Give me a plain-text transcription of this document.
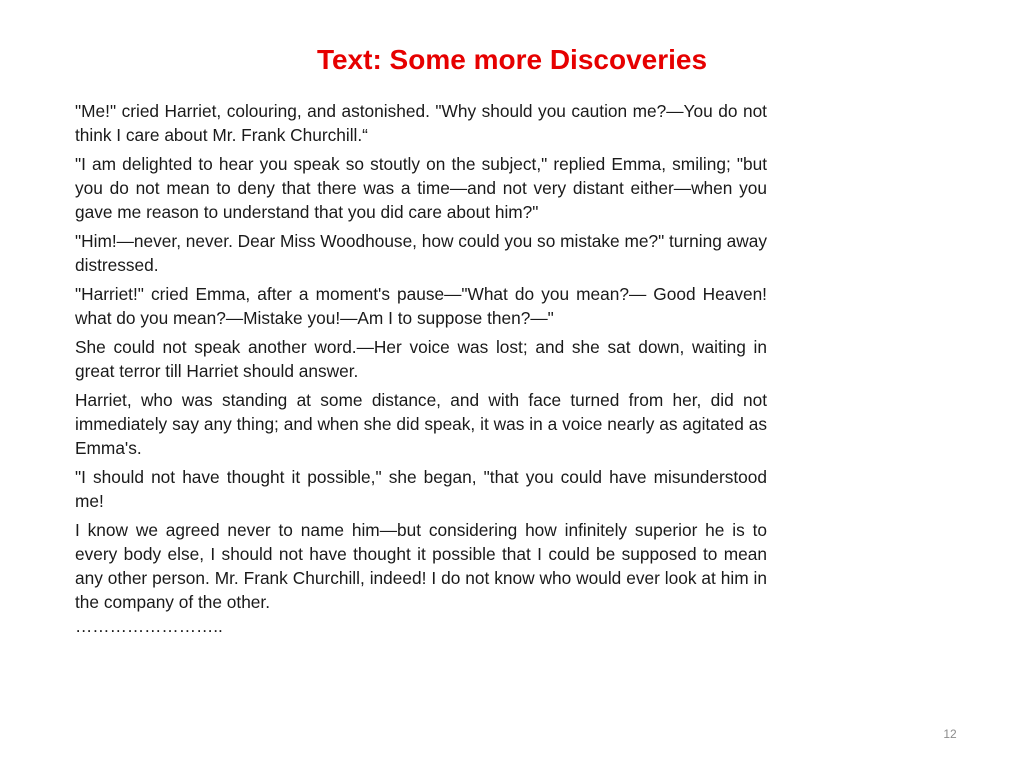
Text: Some more Discoveries

"Me!" cried Harriet, colouring, and astonished. "Why should you caution me?—You do not think I care about Mr. Frank Churchill.“

"I am delighted to hear you speak so stoutly on the subject," replied Emma, smiling; "but you do not mean to deny that there was a time—and not very distant either—when you gave me reason to understand that you did care about him?"

"Him!—never, never. Dear Miss Woodhouse, how could you so mistake me?" turning away distressed.

"Harriet!" cried Emma, after a moment's pause—"What do you mean?— Good Heaven! what do you mean?—Mistake you!—Am I to suppose then?—"

She could not speak another word.—Her voice was lost; and she sat down, waiting in great terror till Harriet should answer.

Harriet, who was standing at some distance, and with face turned from her, did not immediately say any thing; and when she did speak, it was in a voice nearly as agitated as Emma's.

"I should not have thought it possible," she began, "that you could have misunderstood me!

I know we agreed never to name him—but considering how infinitely superior he is to every body else, I should not have thought it possible that I could be supposed to mean any other person. Mr. Frank Churchill, indeed! I do not know who would ever look at him in the company of the other.
……………………..

12
